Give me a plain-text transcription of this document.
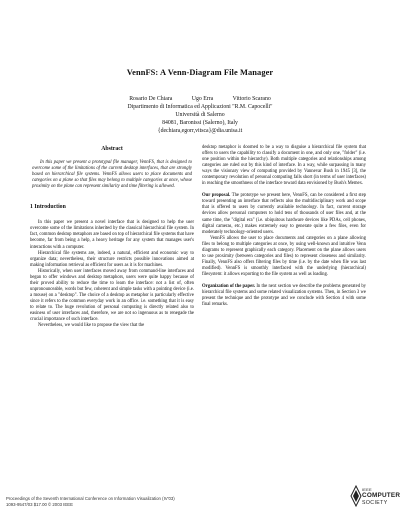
VennFS: A Venn-Diagram File Manager
Rosario De Chiara	Ugo Erra	Vittorio Scarano
Dipartimento di Informatica ed Applicazioni "R.M. Capocelli"
Università di Salerno
84081, Baronissi (Salerno), Italy
{dechiara,egorr,vitsca}@dia.unisa.it
Abstract

In this paper we present a prototypal file manager, VennFS, that is designed to overcome some of the limitations of the current desktop interfaces, that are strongly based on hierarchical file systems. VennFS allows users to place documents and categories on a plane so that files may belong to multiple categories at once, whose proximity on the plane can represent similarity and time filtering is allowed.

1 Introduction

In this paper we present a novel interface that is designed to help the user overcome some of the limitations inherited by the classical hierarchical file system. In fact, common desktop metaphors are based on top of hierarchical file systems that have become, far from being a help, a heavy heritage for any system that manages user's interactions with a computer.

Hierarchical file systems are, indeed, a natural, efficient and economic way to organize data; nevertheless, their structure restricts possible innovations aimed at making information retrieval as efficient for users as it is for machines.

Historically, when user interfaces moved away from command-line interfaces and began to offer windows and desktop metaphors, users were quite happy because of their proved ability to reduce the time to learn the interface: not a list of, often unpronounceable, words but few, coherent and simple tasks with a pointing device (i.e. a mouse) on a "desktop". The choice of a desktop as metaphor is particularly effective since it refers to the common everyday work in an office. i.e. something that it is easy to relate to. The huge revolution of personal computing is directly related also to easiness of user interfaces and, therefore, we are not so ingenuous as to renegade the crucial importance of such interface.

Nevertheless, we would like to propose the view that the

desktop metaphor is doomed to be a way to disguise a hierarchical file system that offers to users the capability to classify a document in one, and only one, "folder" (i.e. one position within the hierarchy). Both multiple categories and relationships among categories are ruled out by this kind of interface. In a way, while surpassing in many ways the visionary view of computing provided by Vannevar Bush in 1945 [3], the contemporary revolution of personal computing falls short (in terms of user interfaces) in reaching the smoothness of the interface toward data envisioned by Bush's Memex.

Our proposal. The prototype we present here, VennFS, can be considered a first step toward presenting an interface that reflects also the multidisciplinary work and scope that is offered to users by currently available technology. In fact, current storage devices allow personal computers to hold tens of thousands of user files and, at the same time, the "digital era" (i.e. ubiquitous hardware devices like PDAs, cell phones, digital cameras, etc.) makes extremely easy to generate quite a few files, even for moderately technology-oriented users.

VennFS allows the user to place documents and categories on a plane allowing files to belong to multiple categories at once, by using well-known and intuitive Venn diagrams to represent graphically each category. Placement on the plane allows users to use proximity (between categories and files) to represent closeness and similarity. Finally, VennFS also offers filtering files by time (i.e. by the date when file was last modified). VennFS is smoothly interfaced with the underlying (hierarchical) filesystem: it allows exporting to the file system as well as loading.

Organization of the paper. In the next section we describe the problems generated by hierarchical file systems and some related visualization systems. Then, in Section 3 we present the technique and the prototype and we conclude with Section 4 with some final remarks.

Proceedings of the Seventh International Conference on Information Visualization (IV'03)
1093-9547/03 $17.00 © 2003 IEEE
IEEE
COMPUTER
SOCIETY
